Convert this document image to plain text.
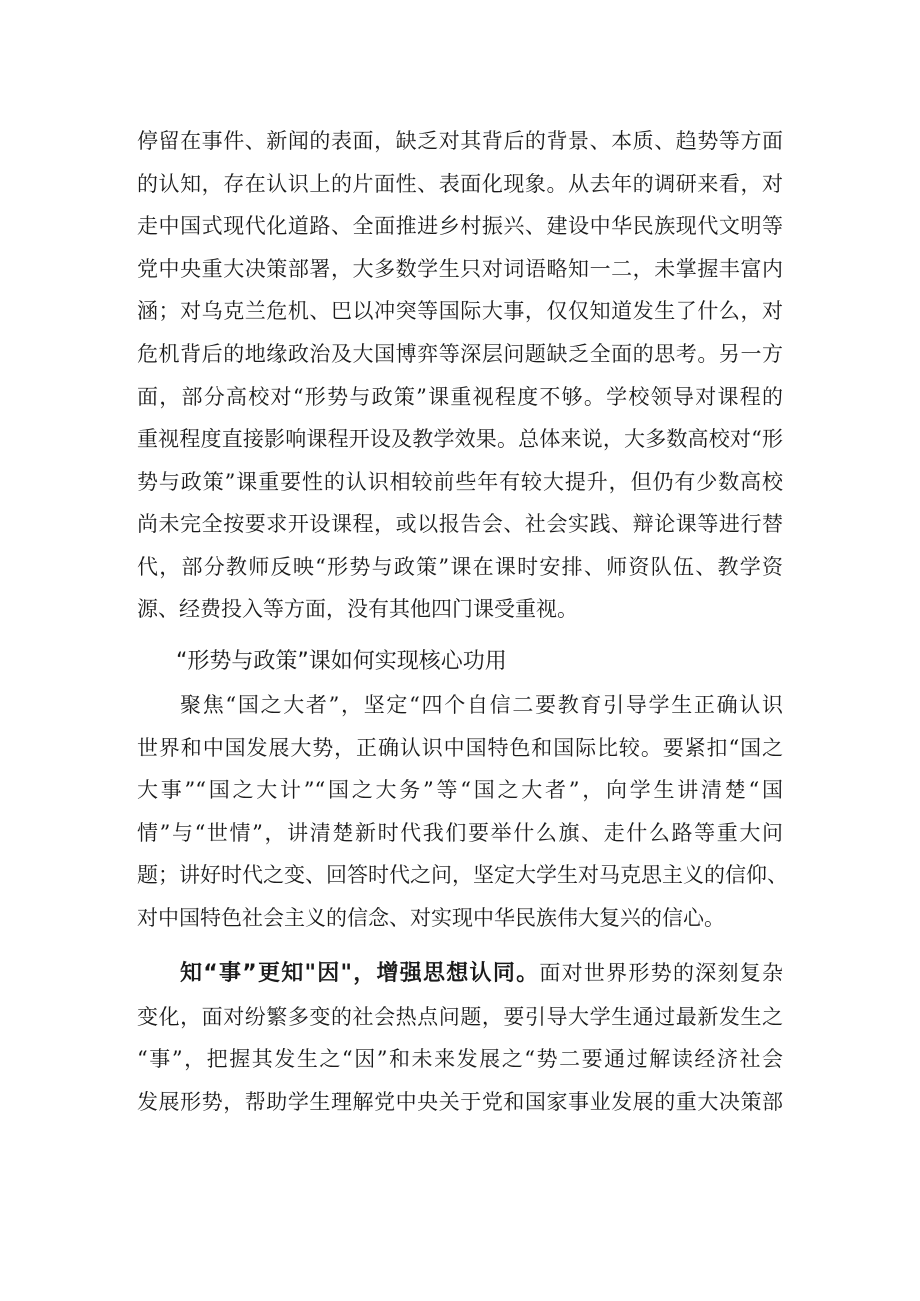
停留在事件、新闻的表面，缺乏对其背后的背景、本质、趋势等方面
的认知，存在认识上的片面性、表面化现象。从去年的调研来看，对
走中国式现代化道路、全面推进乡村振兴、建设中华民族现代文明等
党中央重大决策部署，大多数学生只对词语略知一二，未掌握丰富内
涵；对乌克兰危机、巴以冲突等国际大事，仅仅知道发生了什么，对
危机背后的地缘政治及大国博弈等深层问题缺乏全面的思考。另一方
面，部分高校对“形势与政策”课重视程度不够。学校领导对课程的
重视程度直接影响课程开设及教学效果。总体来说，大多数高校对“形
势与政策”课重要性的认识相较前些年有较大提升，但仍有少数高校
尚未完全按要求开设课程，或以报告会、社会实践、辩论课等进行替
代，部分教师反映“形势与政策”课在课时安排、师资队伍、教学资
源、经费投入等方面，没有其他四门课受重视。
“形势与政策”课如何实现核心功用
聚焦“国之大者”，坚定“四个自信二要教育引导学生正确认识
世界和中国发展大势，正确认识中国特色和国际比较。要紧扣“国之
大事”“国之大计”“国之大务”等“国之大者”，向学生讲清楚“国
情”与“世情”，讲清楚新时代我们要举什么旗、走什么路等重大问
题；讲好时代之变、回答时代之问，坚定大学生对马克思主义的信仰、
对中国特色社会主义的信念、对实现中华民族伟大复兴的信心。
知“事”更知"因"，增强思想认同。面对世界形势的深刻复杂
变化，面对纷繁多变的社会热点问题，要引导大学生通过最新发生之
“事”，把握其发生之“因”和未来发展之“势二要通过解读经济社会
发展形势，帮助学生理解党中央关于党和国家事业发展的重大决策部
